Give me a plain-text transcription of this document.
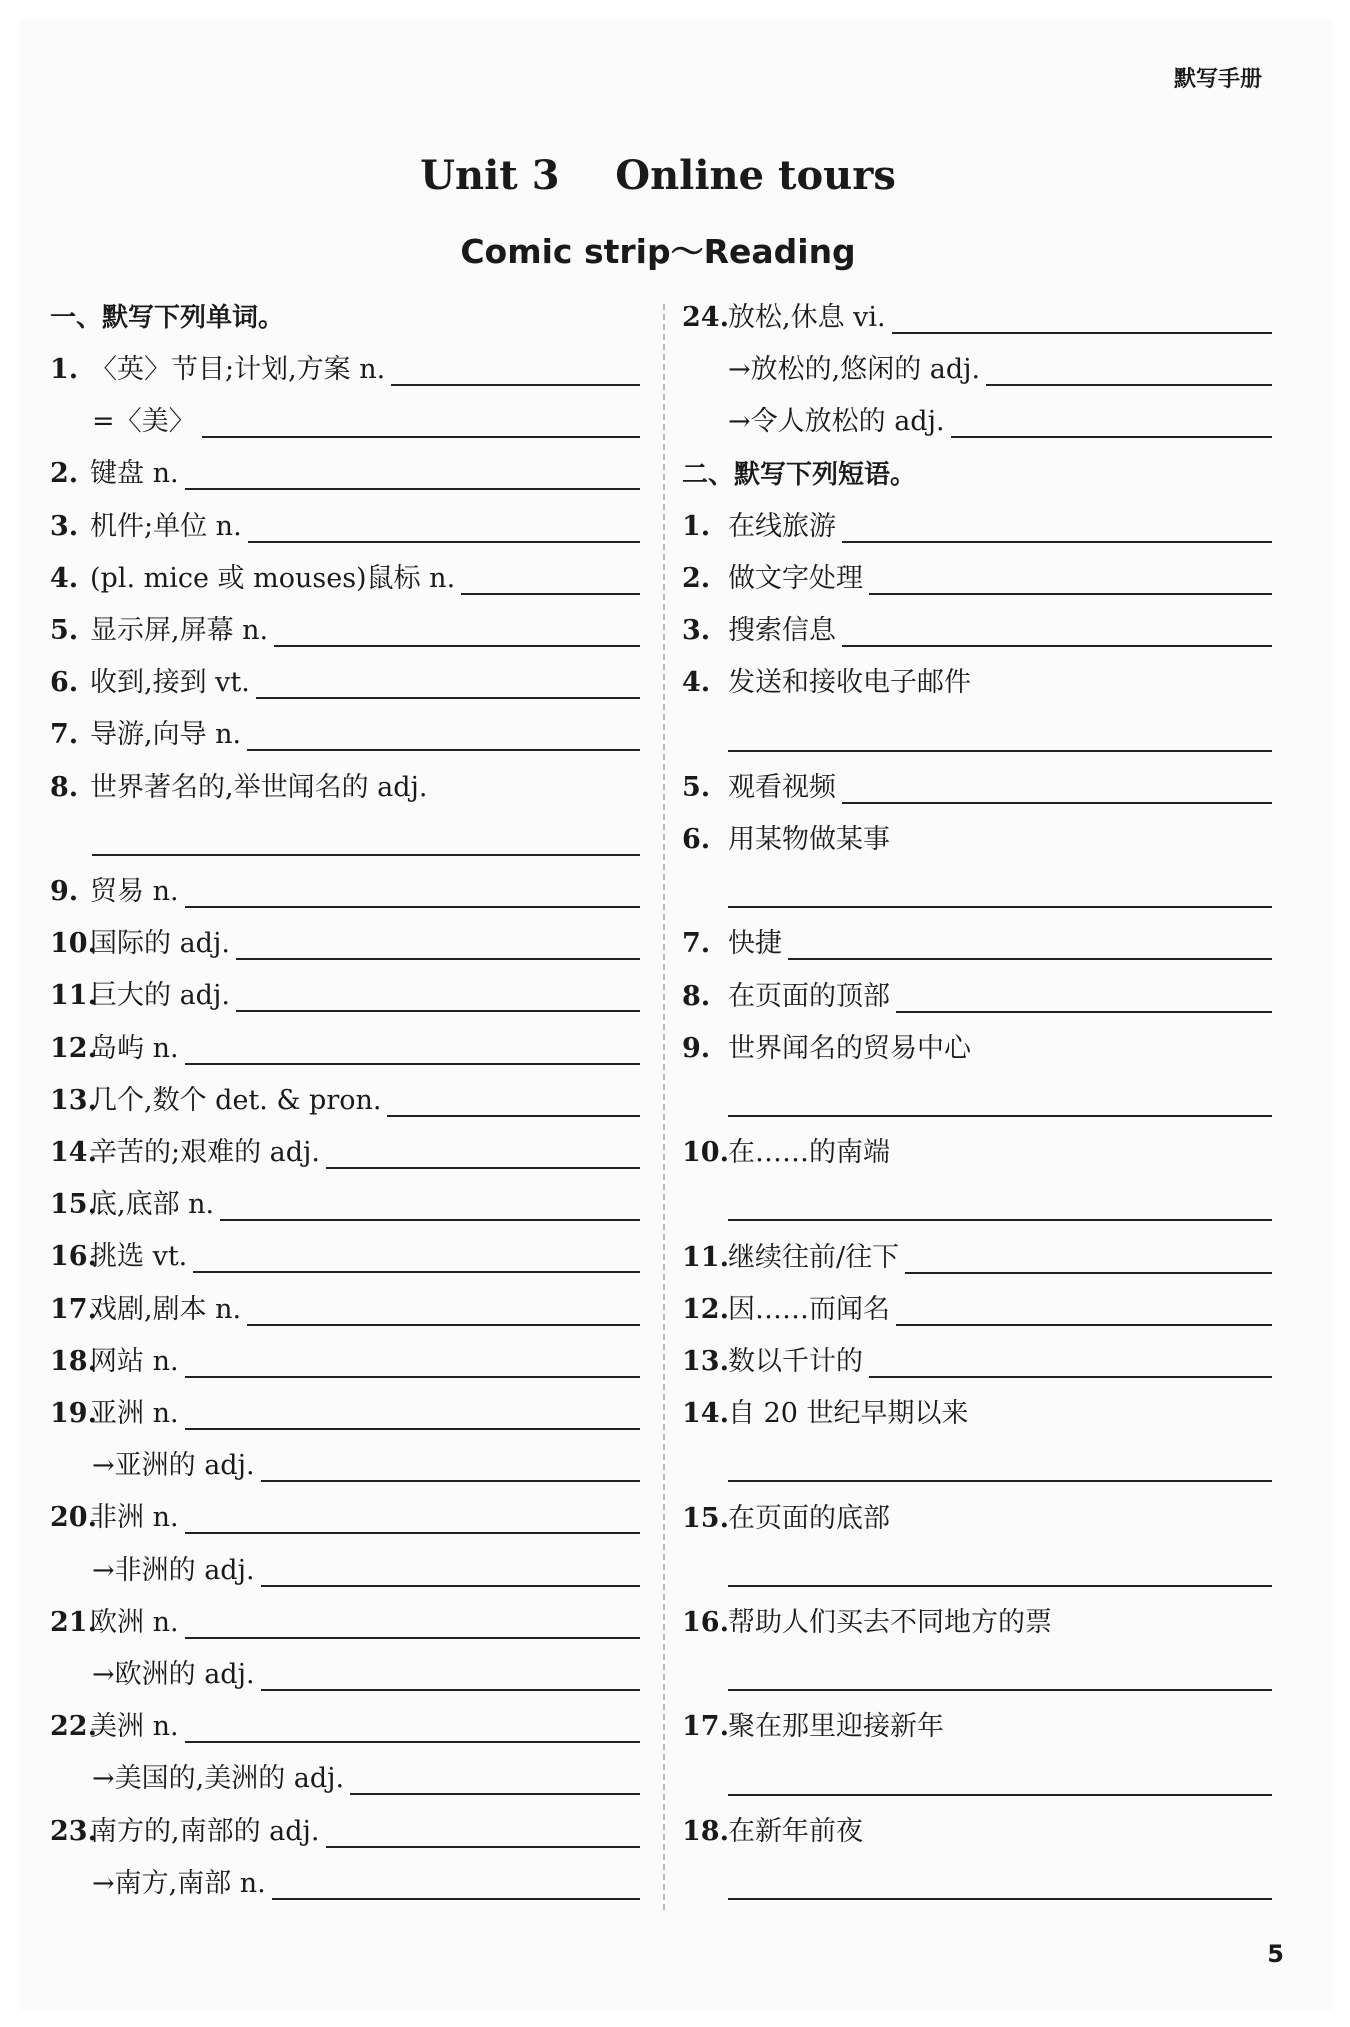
默写手册
Unit 3    Online tours
Comic strip～Reading
一、默写下列单词。
1. 〈英〉节目;计划,方案 n.
=〈美〉
2. 键盘 n.
3. 机件;单位 n.
4. (pl. mice 或 mouses)鼠标 n.
5. 显示屏,屏幕 n.
6. 收到,接到 vt.
7. 导游,向导 n.
8. 世界著名的,举世闻名的 adj.
9. 贸易 n.
10.
国际的 adj.
11.
巨大的 adj.
12.
岛屿 n.
13.
几个,数个 det. & pron.
14.
辛苦的;艰难的 adj.
15.
底,底部 n.
16.
挑选 vt.
17.
戏剧,剧本 n.
18.
网站 n.
19.
亚洲 n.
→亚洲的 adj.
20.
非洲 n.
→非洲的 adj.
21.
欧洲 n.
→欧洲的 adj.
22.
美洲 n.
→美国的,美洲的 adj.
23.
南方的,南部的 adj.
→南方,南部 n.
24. 放松,休息 vi.
→放松的,悠闲的 adj.
→令人放松的 adj.
二、默写下列短语。
1. 在线旅游
2. 做文字处理
3. 搜索信息
4. 发送和接收电子邮件
5. 观看视频
6. 用某物做某事
7. 快捷
8. 在页面的顶部
9. 世界闻名的贸易中心
10. 在……的南端
11. 继续往前/往下
12. 因……而闻名
13. 数以千计的
14. 自 20 世纪早期以来
15. 在页面的底部
16. 帮助人们买去不同地方的票
17. 聚在那里迎接新年
18. 在新年前夜
5
